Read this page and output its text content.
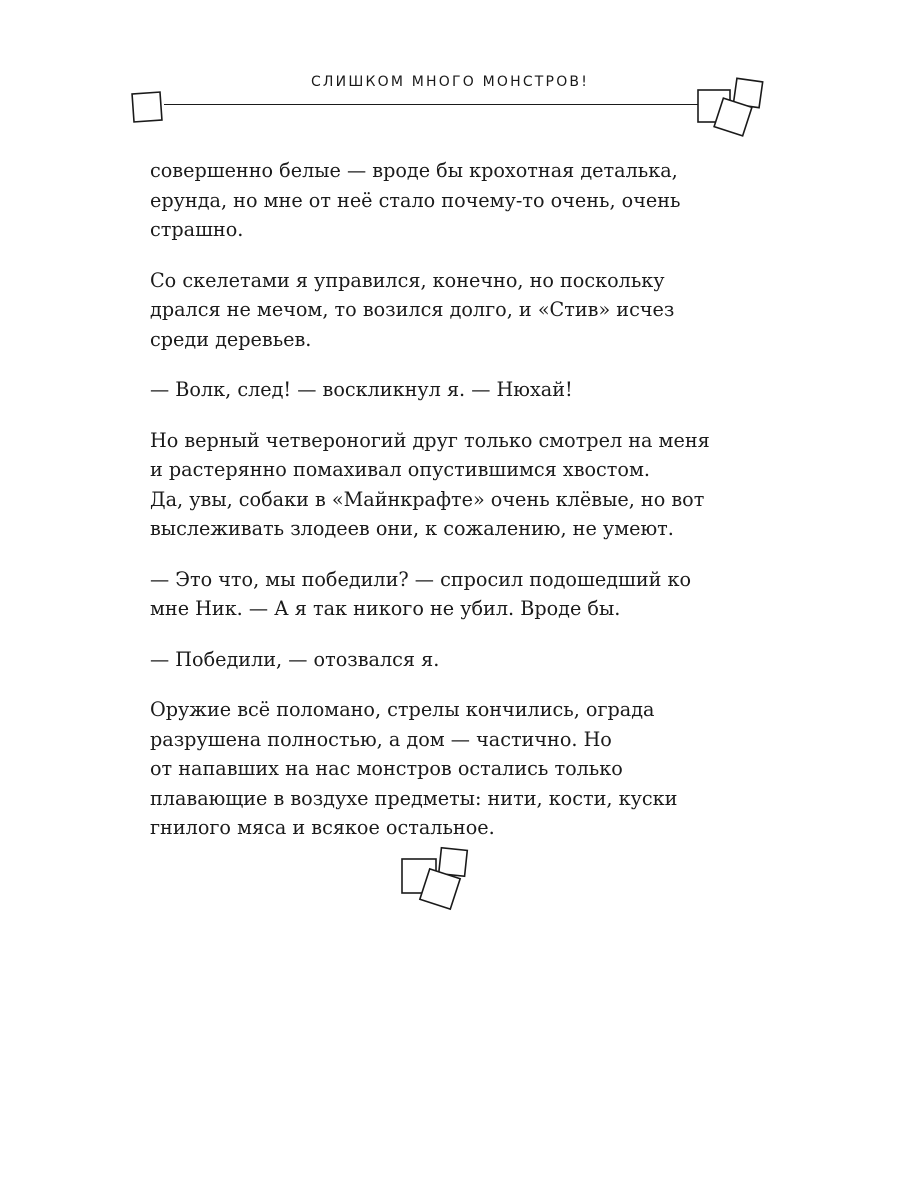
СЛИШКОМ МНОГО МОНСТРОВ!

совершенно белые — вроде бы крохотная деталька,
ерунда, но мне от неё стало почему-то очень, очень
страшно.

Со скелетами я управился, конечно, но поскольку
дрался не мечом, то возился долго, и «Стив» исчез
среди деревьев.

— Волк, след! — воскликнул я. — Нюхай!

Но верный четвероногий друг только смотрел на меня
и растерянно помахивал опустившимся хвостом.
Да, увы, собаки в «Майнкрафте» очень клёвые, но вот
выслеживать злодеев они, к сожалению, не умеют.

— Это что, мы победили? — спросил подошедший ко
мне Ник. — А я так никого не убил. Вроде бы.

— Победили, — отозвался я.

Оружие всё поломано, стрелы кончились, ограда
разрушена полностью, а дом — частично. Но
от напавших на нас монстров остались только
плавающие в воздухе предметы: нити, кости, куски
гнилого мяса и всякое остальное.
